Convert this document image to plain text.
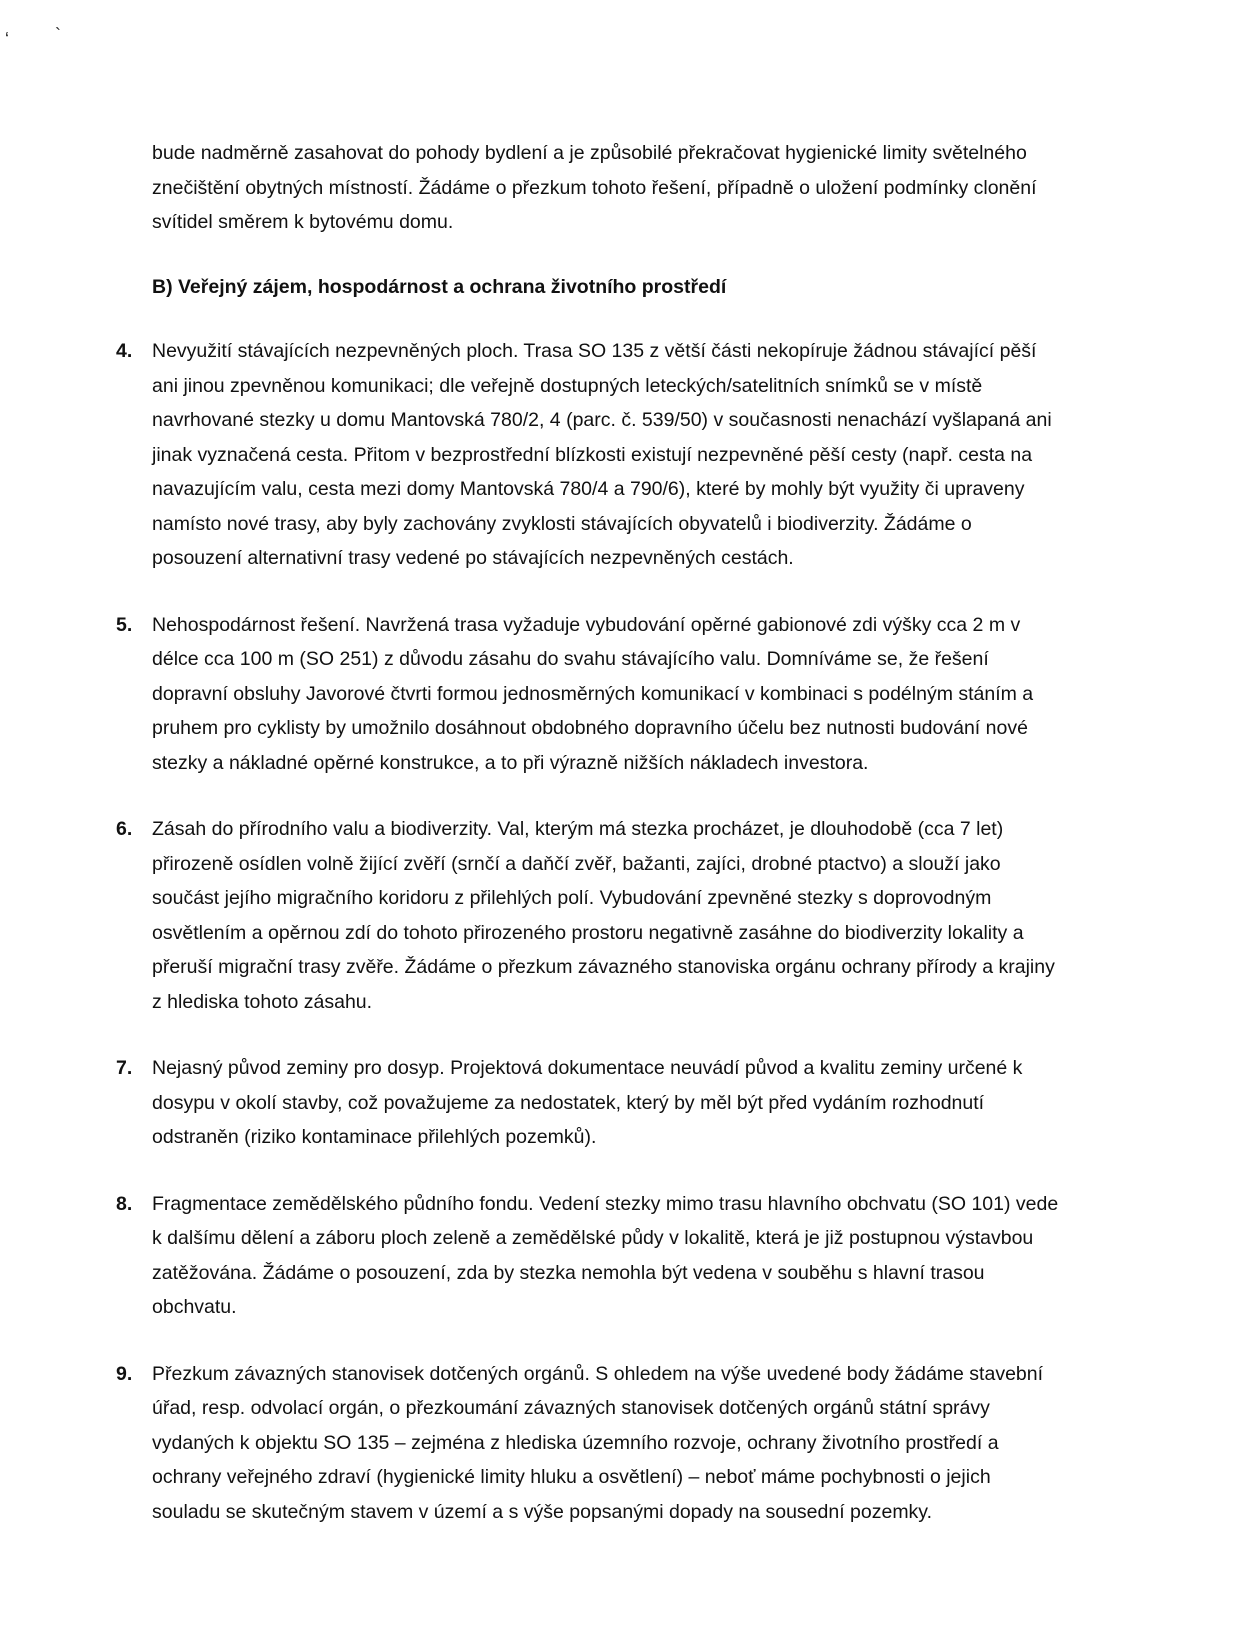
‘	`

bude nadměrně zasahovat do pohody bydlení a je způsobilé překračovat hygienické limity světelného znečištění obytných místností. Žádáme o přezkum tohoto řešení, případně o uložení podmínky clonění svítidel směrem k bytovému domu.

B) Veřejný zájem, hospodárnost a ochrana životního prostředí

4. Nevyužití stávajících nezpevněných ploch. Trasa SO 135 z větší části nekopíruje žádnou stávající pěší ani jinou zpevněnou komunikaci; dle veřejně dostupných leteckých/satelitních snímků se v místě navrhované stezky u domu Mantovská 780/2, 4 (parc. č. 539/50) v současnosti nenachází vyšlapaná ani jinak vyznačená cesta. Přitom v bezprostřední blízkosti existují nezpevněné pěší cesty (např. cesta na navazujícím valu, cesta mezi domy Mantovská 780/4 a 790/6), které by mohly být využity či upraveny namísto nové trasy, aby byly zachovány zvyklosti stávajících obyvatelů i biodiverzity. Žádáme o posouzení alternativní trasy vedené po stávajících nezpevněných cestách.

5. Nehospodárnost řešení. Navržená trasa vyžaduje vybudování opěrné gabionové zdi výšky cca 2 m v délce cca 100 m (SO 251) z důvodu zásahu do svahu stávajícího valu. Domníváme se, že řešení dopravní obsluhy Javorové čtvrti formou jednosměrných komunikací v kombinaci s podélným stáním a pruhem pro cyklisty by umožnilo dosáhnout obdobného dopravního účelu bez nutnosti budování nové stezky a nákladné opěrné konstrukce, a to při výrazně nižších nákladech investora.

6. Zásah do přírodního valu a biodiverzity. Val, kterým má stezka procházet, je dlouhodobě (cca 7 let) přirozeně osídlen volně žijící zvěří (srnčí a daňčí zvěř, bažanti, zajíci, drobné ptactvo) a slouží jako součást jejího migračního koridoru z přilehlých polí. Vybudování zpevněné stezky s doprovodným osvětlením a opěrnou zdí do tohoto přirozeného prostoru negativně zasáhne do biodiverzity lokality a přeruší migrační trasy zvěře. Žádáme o přezkum závazného stanoviska orgánu ochrany přírody a krajiny z hlediska tohoto zásahu.

7. Nejasný původ zeminy pro dosyp. Projektová dokumentace neuvádí původ a kvalitu zeminy určené k dosypu v okolí stavby, což považujeme za nedostatek, který by měl být před vydáním rozhodnutí odstraněn (riziko kontaminace přilehlých pozemků).

8. Fragmentace zemědělského půdního fondu. Vedení stezky mimo trasu hlavního obchvatu (SO 101) vede k dalšímu dělení a záboru ploch zeleně a zemědělské půdy v lokalitě, která je již postupnou výstavbou zatěžována. Žádáme o posouzení, zda by stezka nemohla být vedena v souběhu s hlavní trasou obchvatu.

9. Přezkum závazných stanovisek dotčených orgánů. S ohledem na výše uvedené body žádáme stavební úřad, resp. odvolací orgán, o přezkoumání závazných stanovisek dotčených orgánů státní správy vydaných k objektu SO 135 – zejména z hlediska územního rozvoje, ochrany životního prostředí a ochrany veřejného zdraví (hygienické limity hluku a osvětlení) – neboť máme pochybnosti o jejich souladu se skutečným stavem v území a s výše popsanými dopady na sousední pozemky.
